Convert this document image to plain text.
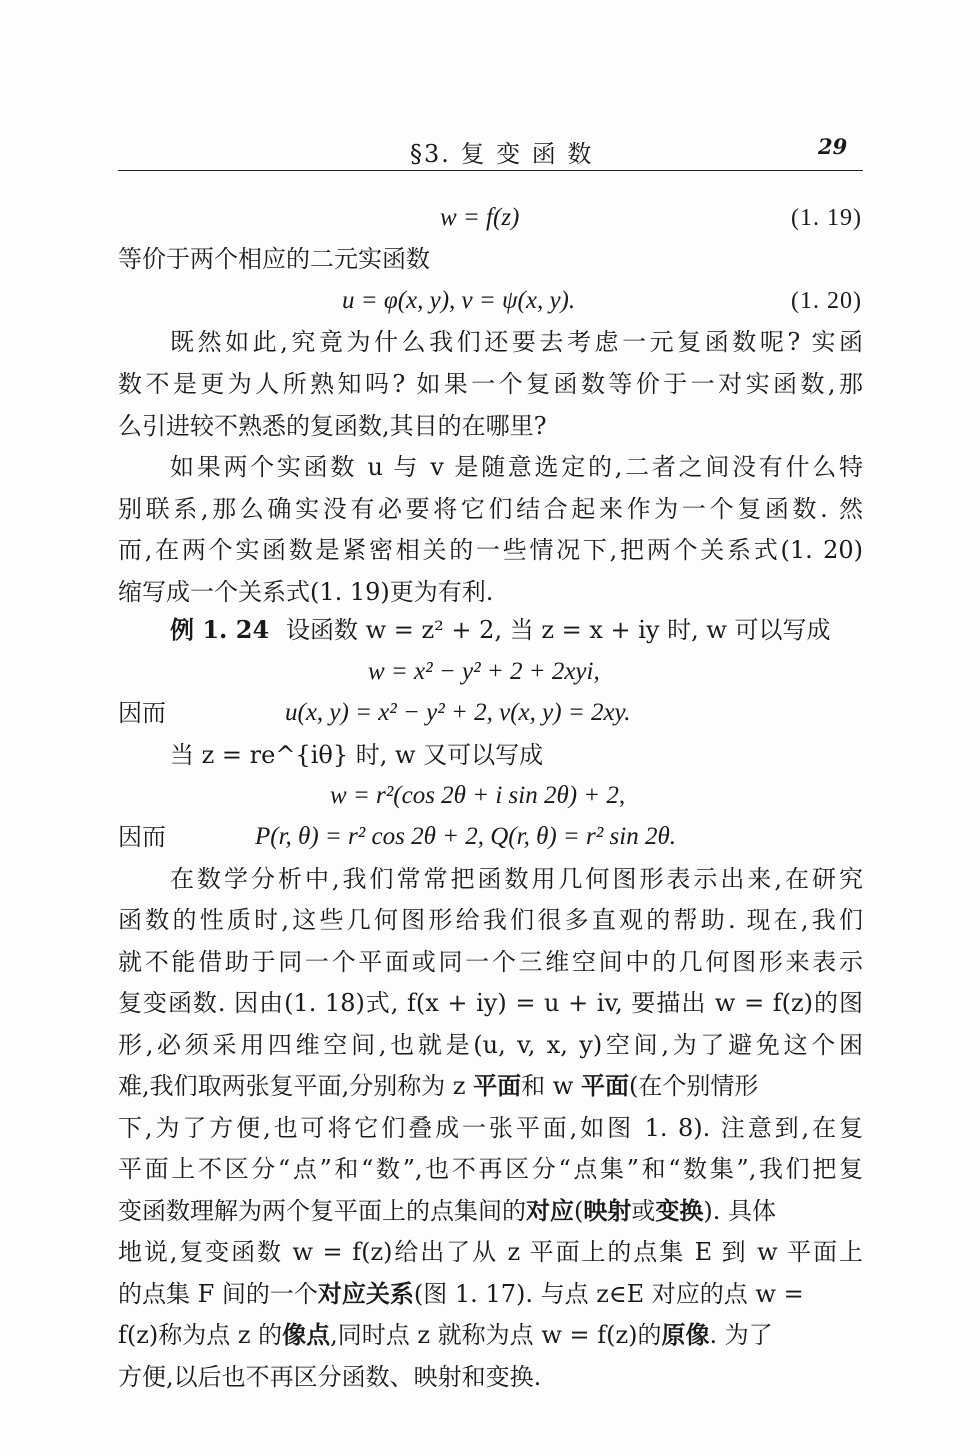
§3. 复 变 函 数	29
w = f(z)	(1. 19)
等价于两个相应的二元实函数
u = φ(x, y), v = ψ(x, y).	(1. 20)
既然如此,究竟为什么我们还要去考虑一元复函数呢? 实函
数不是更为人所熟知吗? 如果一个复函数等价于一对实函数,那
么引进较不熟悉的复函数,其目的在哪里?
如果两个实函数 u 与 v 是随意选定的,二者之间没有什么特
别联系,那么确实没有必要将它们结合起来作为一个复函数. 然
而,在两个实函数是紧密相关的一些情况下,把两个关系式(1. 20)
缩写成一个关系式(1. 19)更为有利.
例 1. 24 设函数 w = z² + 2, 当 z = x + iy 时, w 可以写成
w = x² − y² + 2 + 2xyi,
因而	u(x, y) = x² − y² + 2, v(x, y) = 2xy.
当 z = re^{iθ} 时, w 又可以写成
w = r²(cos 2θ + i sin 2θ) + 2,
因而	P(r, θ) = r² cos 2θ + 2, Q(r, θ) = r² sin 2θ.
在数学分析中,我们常常把函数用几何图形表示出来,在研究
函数的性质时,这些几何图形给我们很多直观的帮助. 现在,我们
就不能借助于同一个平面或同一个三维空间中的几何图形来表示
复变函数. 因由(1. 18)式, f(x + iy) = u + iv, 要描出 w = f(z)的图
形,必须采用四维空间,也就是(u, v, x, y)空间,为了避免这个困
难,我们取两张复平面,分别称为 z 平面和 w 平面(在个别情形
下,为了方便,也可将它们叠成一张平面,如图 1. 8). 注意到,在复
平面上不区分“点”和“数”,也不再区分“点集”和“数集”,我们把复
变函数理解为两个复平面上的点集间的对应(映射或变换). 具体
地说,复变函数 w = f(z)给出了从 z 平面上的点集 E 到 w 平面上
的点集 F 间的一个对应关系(图 1. 17). 与点 z∈E 对应的点 w =
f(z)称为点 z 的像点,同时点 z 就称为点 w = f(z)的原像. 为了
方便,以后也不再区分函数、映射和变换.
